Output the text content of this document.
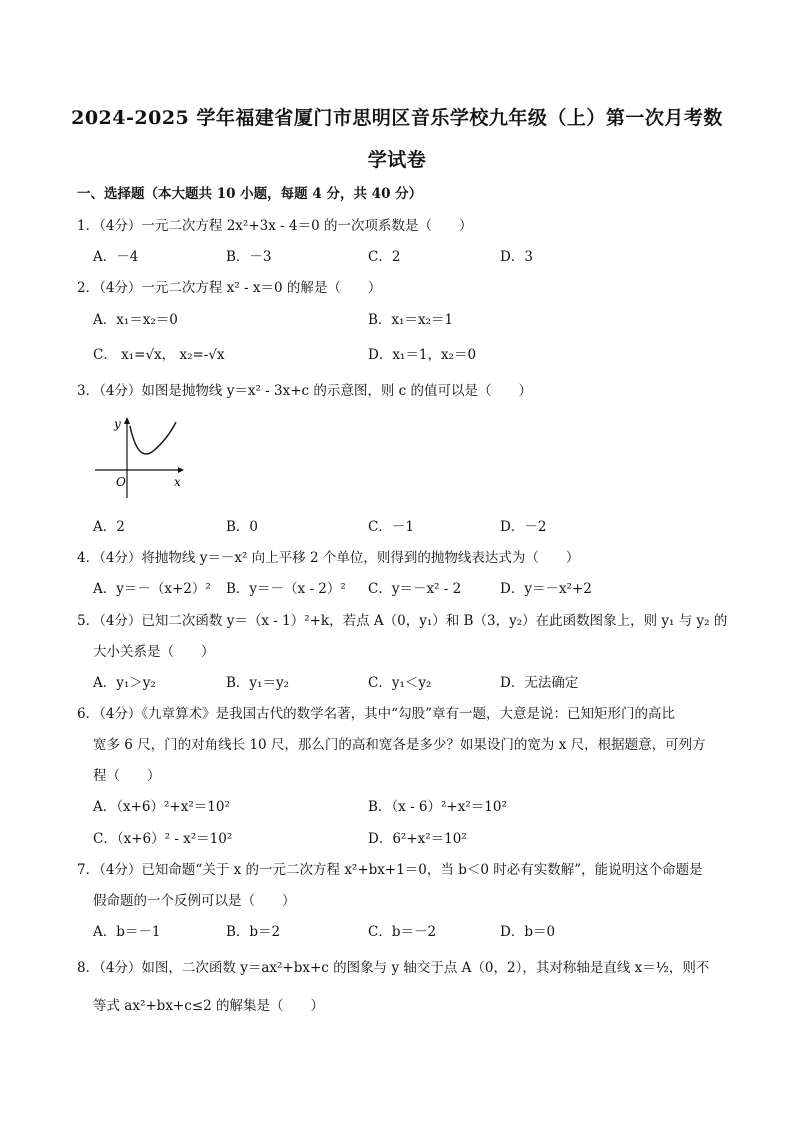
2024-2025 学年福建省厦门市思明区音乐学校九年级（上）第一次月考数
学试卷
一、选择题（本大题共 10 小题，每题 4 分，共 40 分）
1．（4分）一元二次方程 2x²+3x - 4＝0 的一次项系数是（　　）
A．－4	B．－3	C．2	D．3
2．（4分）一元二次方程 x² - x＝0 的解是（　　）
A．x₁＝x₂＝0	B．x₁＝x₂＝1
C． x₁=√x， x₂=-√x	D．x₁＝1，x₂＝0
3．（4分）如图是抛物线 y＝x² - 3x+c 的示意图，则 c 的值可以是（　　）
y
x
O
A．2	B．0	C．－1	D．－2
4．（4分）将抛物线 y＝－x² 向上平移 2 个单位，则得到的抛物线表达式为（　　）
A．y＝－（x+2）² B．y＝－（x - 2）² C．y＝－x² - 2	D．y＝－x²+2
5．（4分）已知二次函数 y＝（x - 1）²+k，若点 A（0，y₁）和 B（3，y₂）在此函数图象上，则 y₁ 与 y₂ 的
大小关系是（　　）
A．y₁＞y₂	B．y₁＝y₂	C．y₁＜y₂	D．无法确定
6．（4分）《九章算术》是我国古代的数学名著，其中“勾股”章有一题，大意是说：已知矩形门的高比
宽多 6 尺，门的对角线长 10 尺，那么门的高和宽各是多少？如果设门的宽为 x 尺，根据题意，可列方
程（　　）
A．（x+6）²+x²＝10²	B．（x - 6）²+x²＝10²
C．（x+6）² - x²＝10²	D．6²+x²＝10²
7．（4分）已知命题“关于 x 的一元二次方程 x²+bx+1＝0，当 b＜0 时必有实数解”，能说明这个命题是
假命题的一个反例可以是（　　）
A．b＝－1	B．b＝2	C．b＝－2	D．b＝0
8．（4分）如图，二次函数 y＝ax²+bx+c 的图象与 y 轴交于点 A（0，2），其对称轴是直线 x＝½，则不
等式 ax²+bx+c≤2 的解集是（　　）
